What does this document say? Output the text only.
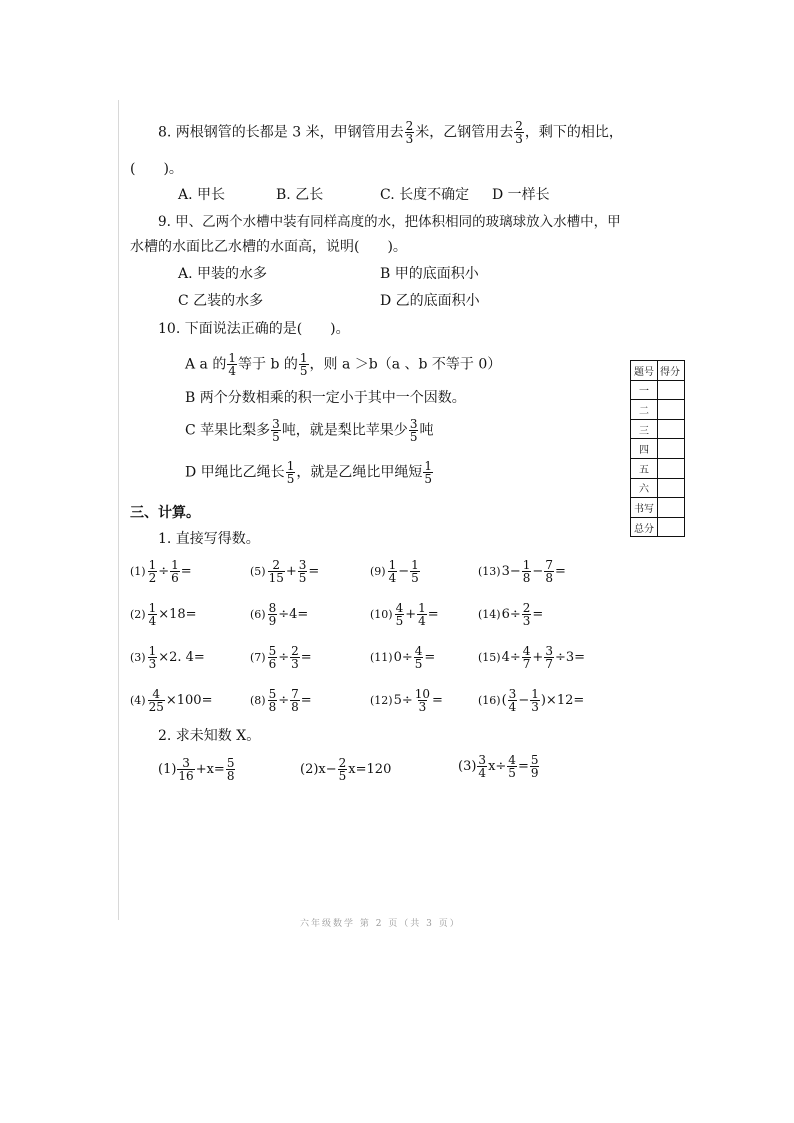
8. 两根钢管的长都是 3 米，甲钢管用去 $\frac{2}{3}$ 米，乙钢管用去 $\frac{2}{3}$ ，剩下的相比，
(　　)。
A. 甲长	B. 乙长	C. 长度不确定 D 一样长
9. 甲、乙两个水槽中装有同样高度的水，把体积相同的玻璃球放入水槽中，甲
水槽的水面比乙水槽的水面高，说明(　　)。
A. 甲装的水多	B 甲的底面积小
C 乙装的水多	D 乙的底面积小
10. 下面说法正确的是(　　)。
A a 的 $\frac{1}{4}$ 等于 b 的 $\frac{1}{5}$ ，则 a ＞b（a 、b 不等于 0）
B 两个分数相乘的积一定小于其中一个因数。
C 苹果比梨多 $\frac{3}{5}$ 吨，就是梨比苹果少 $\frac{3}{5}$ 吨
D 甲绳比乙绳长 $\frac{1}{5}$ ，就是乙绳比甲绳短 $\frac{1}{5}$
题号	得分
一	
二	
三	
四	
五	
六	
书写	
总分	
三、计算。
1. 直接写得数。
$(1) \frac{1}{2} \div \frac{1}{6}$ =	$(5) \frac{2}{15} + \frac{3}{5}$ =	$(9) \frac{1}{4} - \frac{1}{5}$	$(13)3- \frac{1}{8} - \frac{7}{8}$ =
$(2) \frac{1}{4} \times 18=$	$(6) \frac{8}{9} \div 4=$	$(10) \frac{4}{5} + \frac{1}{4}$ =	$(14)6\div \frac{2}{3}$ =
$(3) \frac{1}{3} \times 2$. 4=	$(7) \frac{5}{6} \div \frac{2}{3}$ =	$(11)0\div \frac{4}{5}$ =	$(15)4\div \frac{4}{7} + \frac{3}{7} \div 3=$
$(4) \frac{4}{25} \times 100=$	$(8) \frac{5}{8} \div \frac{7}{8}$ =	$(12)5\div \frac{10}{3}$ =	$(16)( \frac{3}{4} - \frac{1}{3} )\times 12=$
2. 求未知数 X。
$(1) \frac{3}{16} +x= \frac{5}{8}$	$(2)x- \frac{2}{5} x=120$	$(3) \frac{3}{4} x\div \frac{4}{5} = \frac{5}{9}$
六年级数学 第 2 页（共 3 页）
